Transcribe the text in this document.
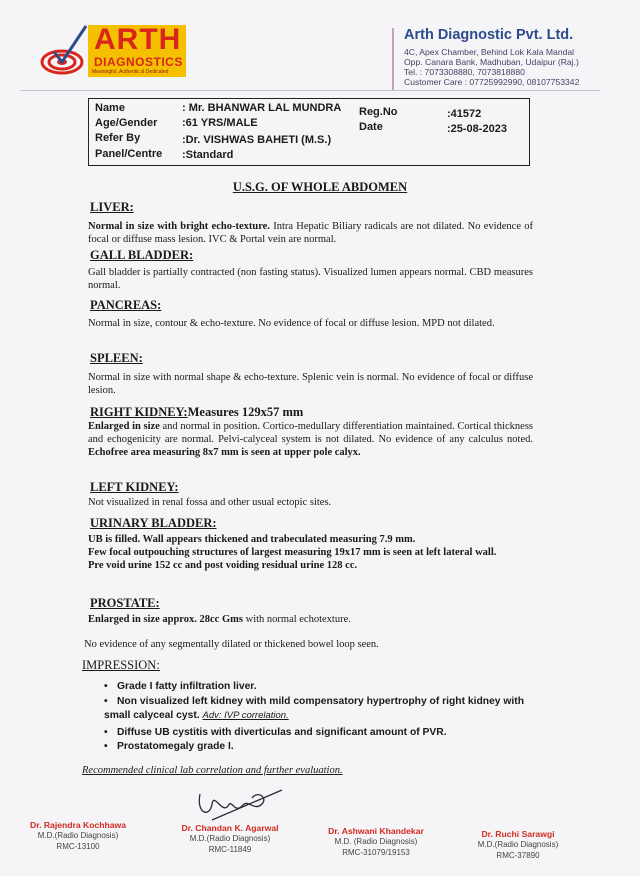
ARTH
DIAGNOSTICS
Meaningful, Authentic & Dedicated
Arth Diagnostic Pvt. Ltd.
4C, Apex Chamber, Behind Lok Kala Mandal
Opp. Canara Bank, Madhuban, Udaipur (Raj.)
Tel. : 7073308880, 7073818880
Customer Care : 07725992990, 08107753342
Name	: Mr. BHANWAR LAL MUNDRA
Age/Gender :61 YRS/MALE
Refer By	:Dr. VISHWAS BAHETI (M.S.)
Panel/Centre :Standard
Reg.No	:41572
Date	:25-08-2023
U.S.G. OF WHOLE ABDOMEN
LIVER:
Normal in size with bright echo-texture. Intra Hepatic Biliary radicals are not dilated. No evidence of focal or diffuse mass lesion. IVC & Portal vein are normal.
GALL BLADDER:
Gall bladder is partially contracted (non fasting status). Visualized lumen appears normal. CBD measures normal.
PANCREAS:
Normal in size, contour & echo-texture. No evidence of focal or diffuse lesion. MPD not dilated.
SPLEEN:
Normal in size with normal shape & echo-texture. Splenic vein is normal. No evidence of focal or diffuse lesion.
RIGHT KIDNEY:Measures 129x57 mm
Enlarged in size and normal in position. Cortico-medullary differentiation maintained. Cortical thickness and echogenicity are normal. Pelvi-calyceal system is not dilated. No evidence of any calculus noted. Echofree area measuring 8x7 mm is seen at upper pole calyx.
LEFT KIDNEY:
Not visualized in renal fossa and other usual ectopic sites.
URINARY BLADDER:
UB is filled. Wall appears thickened and trabeculated measuring 7.9 mm.
Few focal outpouching structures of largest measuring 19x17 mm is seen at left lateral wall.
Pre void urine 152 cc and post voiding residual urine 128 cc.
PROSTATE:
Enlarged in size approx. 28cc Gms with normal echotexture.
No evidence of any segmentally dilated or thickened bowel loop seen.
IMPRESSION:
• Grade I fatty infiltration liver.
• Non visualized left kidney with mild compensatory hypertrophy of right kidney with small calyceal cyst. Adv: IVP correlation.
• Diffuse UB cystitis with diverticulas and significant amount of PVR.
• Prostatomegaly grade I.
Recommended clinical lab correlation and further evaluation.
Dr. Rajendra Kochhawa
M.D.(Radio Diagnosis)
RMC-13100
Dr. Chandan K. Agarwal
M.D.(Radio Diagnosis)
RMC-11849
Dr. Ashwani Khandekar
M.D. (Radio Diagnosis)
RMC-31079/19153
Dr. Ruchi Sarawgi
M.D.(Radio Diagnosis)
RMC-37890
